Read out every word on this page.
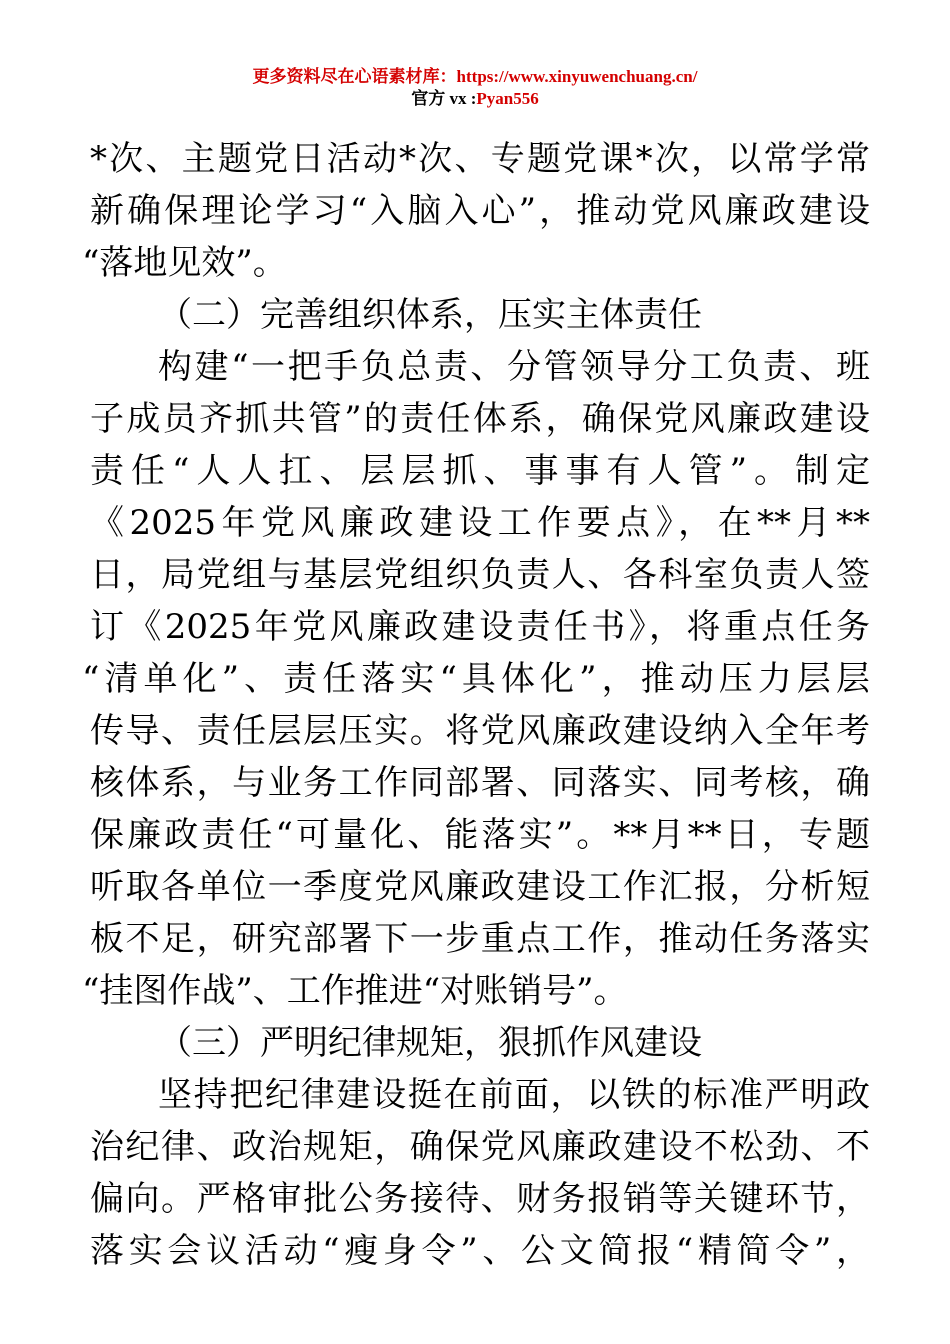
更多资料尽在心语素材库：https://www.xinyuwenchuang.cn/
官方 vx :Pyan556
*次、主题党日活动*次、专题党课*次，以常学常
新确保理论学习“入脑入心”，推动党风廉政建设
“落地见效”。
（二）完善组织体系，压实主体责任
构建“一把手负总责、分管领导分工负责、班
子成员齐抓共管”的责任体系，确保党风廉政建设
责任“人人扛、层层抓、事事有人管”。制定
《2025年党风廉政建设工作要点》，在**月**
日，局党组与基层党组织负责人、各科室负责人签
订《2025年党风廉政建设责任书》，将重点任务
“清单化”、责任落实“具体化”，推动压力层层
传导、责任层层压实。将党风廉政建设纳入全年考
核体系，与业务工作同部署、同落实、同考核，确
保廉政责任“可量化、能落实”。**月**日，专题
听取各单位一季度党风廉政建设工作汇报，分析短
板不足，研究部署下一步重点工作，推动任务落实
“挂图作战”、工作推进“对账销号”。
（三）严明纪律规矩，狠抓作风建设
坚持把纪律建设挺在前面，以铁的标准严明政
治纪律、政治规矩，确保党风廉政建设不松劲、不
偏向。严格审批公务接待、财务报销等关键环节，
落实会议活动“瘦身令”、公文简报“精简令”，
